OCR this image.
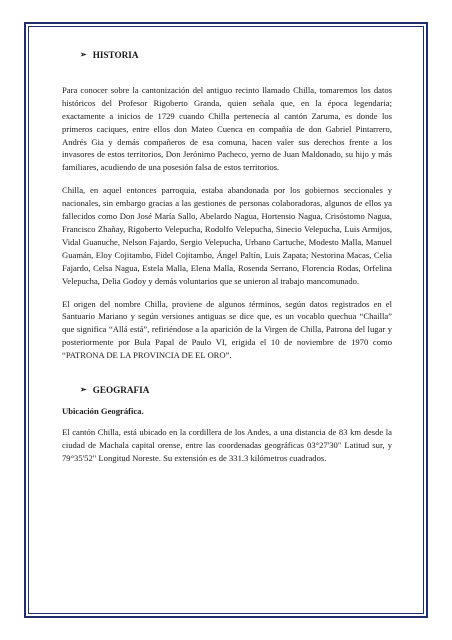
➢ HISTORIA

Para conocer sobre la cantonización del antiguo recinto llamado Chilla, tomaremos los datos históricos del Profesor Rigoberto Granda, quien señala que, en la época legendaria; exactamente a inicios de 1729 cuando Chilla pertenecía al cantón Zaruma, es donde los primeros caciques, entre ellos don Mateo Cuenca en compañía de don Gabriel Pintarrero, Andrés Gia y demás compañeros de esa comuna, hacen valer sus derechos frente a los invasores de estos territorios, Don Jerónimo Pacheco, yerno de Juan Maldonado, su hijo y más familiares, acudiendo de una posesión falsa de estos territorios.

Chilla, en aquel entonces parroquia, estaba abandonada por los gobiernos seccionales y nacionales, sin embargo gracias a las gestiones de personas colaboradoras, algunos de ellos ya fallecidos como Don José María Sallo, Abelardo Nagua, Hortensio Nagua, Crisóstomo Nagua, Francisco Zhañay, Rigoberto Velepucha, Rodolfo Velepucha, Sinecio Velepucha, Luis Armijos, Vidal Guanuche, Nelson Fajardo, Sergio Velepucha, Urbano Cartuche, Modesto Malla, Manuel Guamán, Eloy Cojitambo, Fidel Cojitambo, Ángel Paltín, Luis Zapata; Nestorina Macas, Celia Fajardo, Celsa Nagua, Estela Malla, Elena Malla, Rosenda Serrano, Florencia Rodas, Orfelina Velepucha, Delia Godoy y demás voluntarios que se unieron al trabajo mancomunado.

El origen del nombre Chilla, proviene de algunos términos, según datos registrados en el Santuario Mariano y según versiones antiguas se dice que, es un vocablo quechua “Chailla” que significa “Allá está”, refiriéndose a la aparición de la Virgen de Chilla, Patrona del lugar y posteriormente por Bula Papal de Paulo VI, erigida el 10 de noviembre de 1970 como “PATRONA DE LA PROVINCIA DE EL ORO”.

➢ GEOGRAFIA

Ubicación Geográfica.

El cantón Chilla, está ubicado en la cordillera de los Andes, a una distancia de 83 km desde la ciudad de Machala capital orense, entre las coordenadas geográficas 03°27'30" Latitud sur, y 79°35'52" Longitud Noreste. Su extensión es de 331.3 kilómetros cuadrados.
